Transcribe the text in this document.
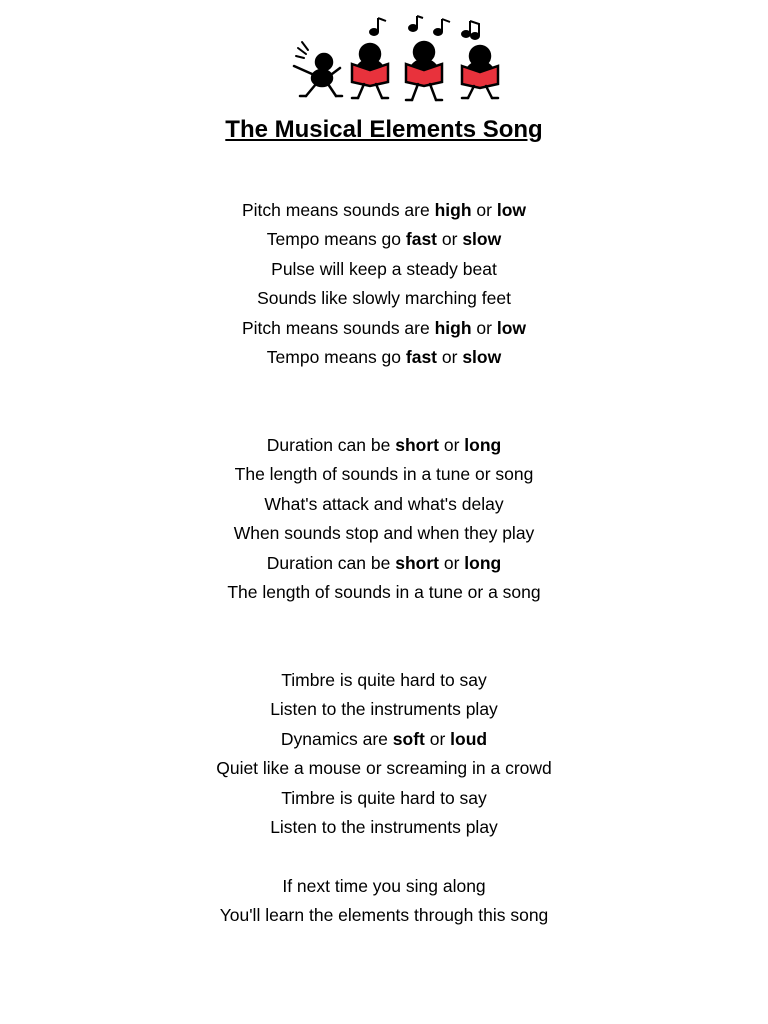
The Musical Elements Song
Pitch means sounds are high or low
Tempo means go fast or slow
Pulse will keep a steady beat
Sounds like slowly marching feet
Pitch means sounds are high or low
Tempo means go fast or slow
Duration can be short or long
The length of sounds in a tune or song
What's attack and what's delay
When sounds stop and when they play
Duration can be short or long
The length of sounds in a tune or a song
Timbre is quite hard to say
Listen to the instruments play
Dynamics are soft or loud
Quiet like a mouse or screaming in a crowd
Timbre is quite hard to say
Listen to the instruments play
If next time you sing along
You'll learn the elements through this song
